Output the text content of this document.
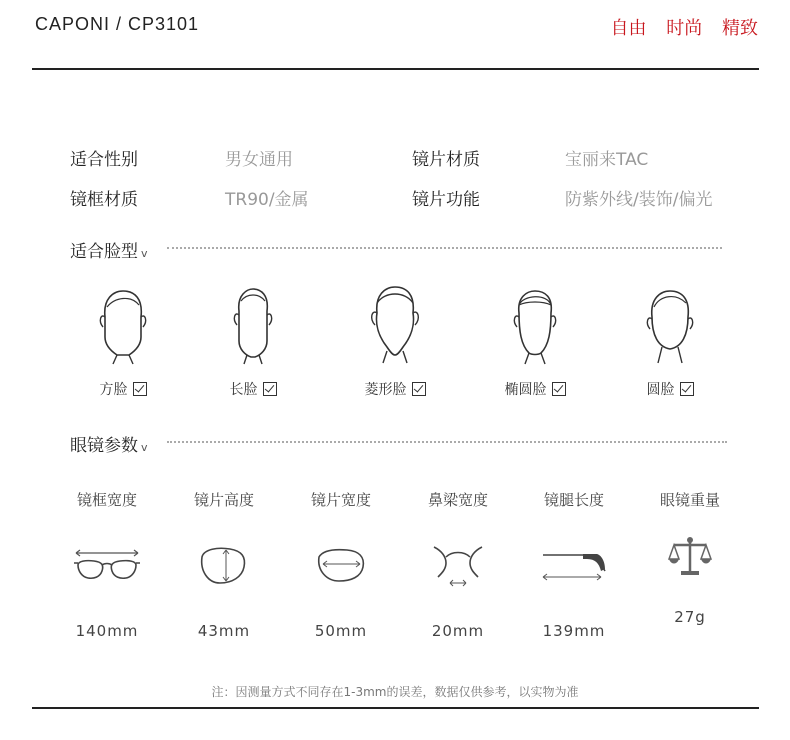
CAPONI / CP3101	自由 时尚 精致
适合性别	男女通用	镜片材质	宝丽来TAC
镜框材质	TR90/金属	镜片功能	防紫外线/装饰/偏光
适合脸型 v
方脸	长脸	菱形脸	椭圆脸	圆脸
眼镜参数 v
镜框宽度
140mm
镜片高度
43mm
镜片宽度
50mm
鼻梁宽度
20mm
镜腿长度
139mm
眼镜重量
27g
注：因测量方式不同存在1-3mm的误差，数据仅供参考，以实物为准
